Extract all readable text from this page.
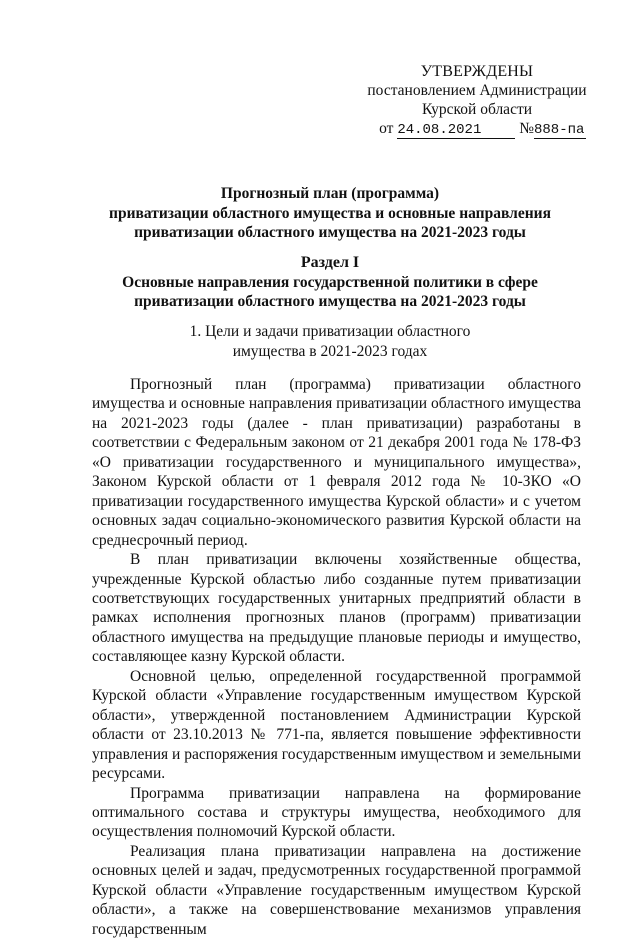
УТВЕРЖДЕНЫ
постановлением Администрации
Курской области
от 24.08.2021 №888-па
Прогнозный план (программа)
приватизации областного имущества и основные направления
приватизации областного имущества на 2021-2023 годы
Раздел I
Основные направления государственной политики в сфере
приватизации областного имущества на 2021-2023 годы
1. Цели и задачи приватизации областного
имущества в 2021-2023 годах

Прогнозный план (программа) приватизации областного имущества и основные направления приватизации областного имущества на 2021-2023 годы (далее - план приватизации) разработаны в соответствии с Федеральным законом от 21 декабря 2001 года № 178-ФЗ «О приватизации государственного и муниципального имущества», Законом Курской области от 1 февраля 2012 года № 10-ЗКО «О приватизации государственного имущества Курской области» и с учетом основных задач социально-экономического развития Курской области на среднесрочный период.

В план приватизации включены хозяйственные общества, учрежденные Курской областью либо созданные путем приватизации соответствующих государственных унитарных предприятий области в рамках исполнения прогнозных планов (программ) приватизации областного имущества на предыдущие плановые периоды и имущество, составляющее казну Курской области.

Основной целью, определенной государственной программой Курской области «Управление государственным имуществом Курской области», утвержденной постановлением Администрации Курской области от 23.10.2013 № 771-па, является повышение эффективности управления и распоряжения государственным имуществом и земельными ресурсами.

Программа приватизации направлена на формирование оптимального состава и структуры имущества, необходимого для осуществления полномочий Курской области.

Реализация плана приватизации направлена на достижение основных целей и задач, предусмотренных государственной программой Курской области «Управление государственным имуществом Курской области», а также на совершенствование механизмов управления государственным
